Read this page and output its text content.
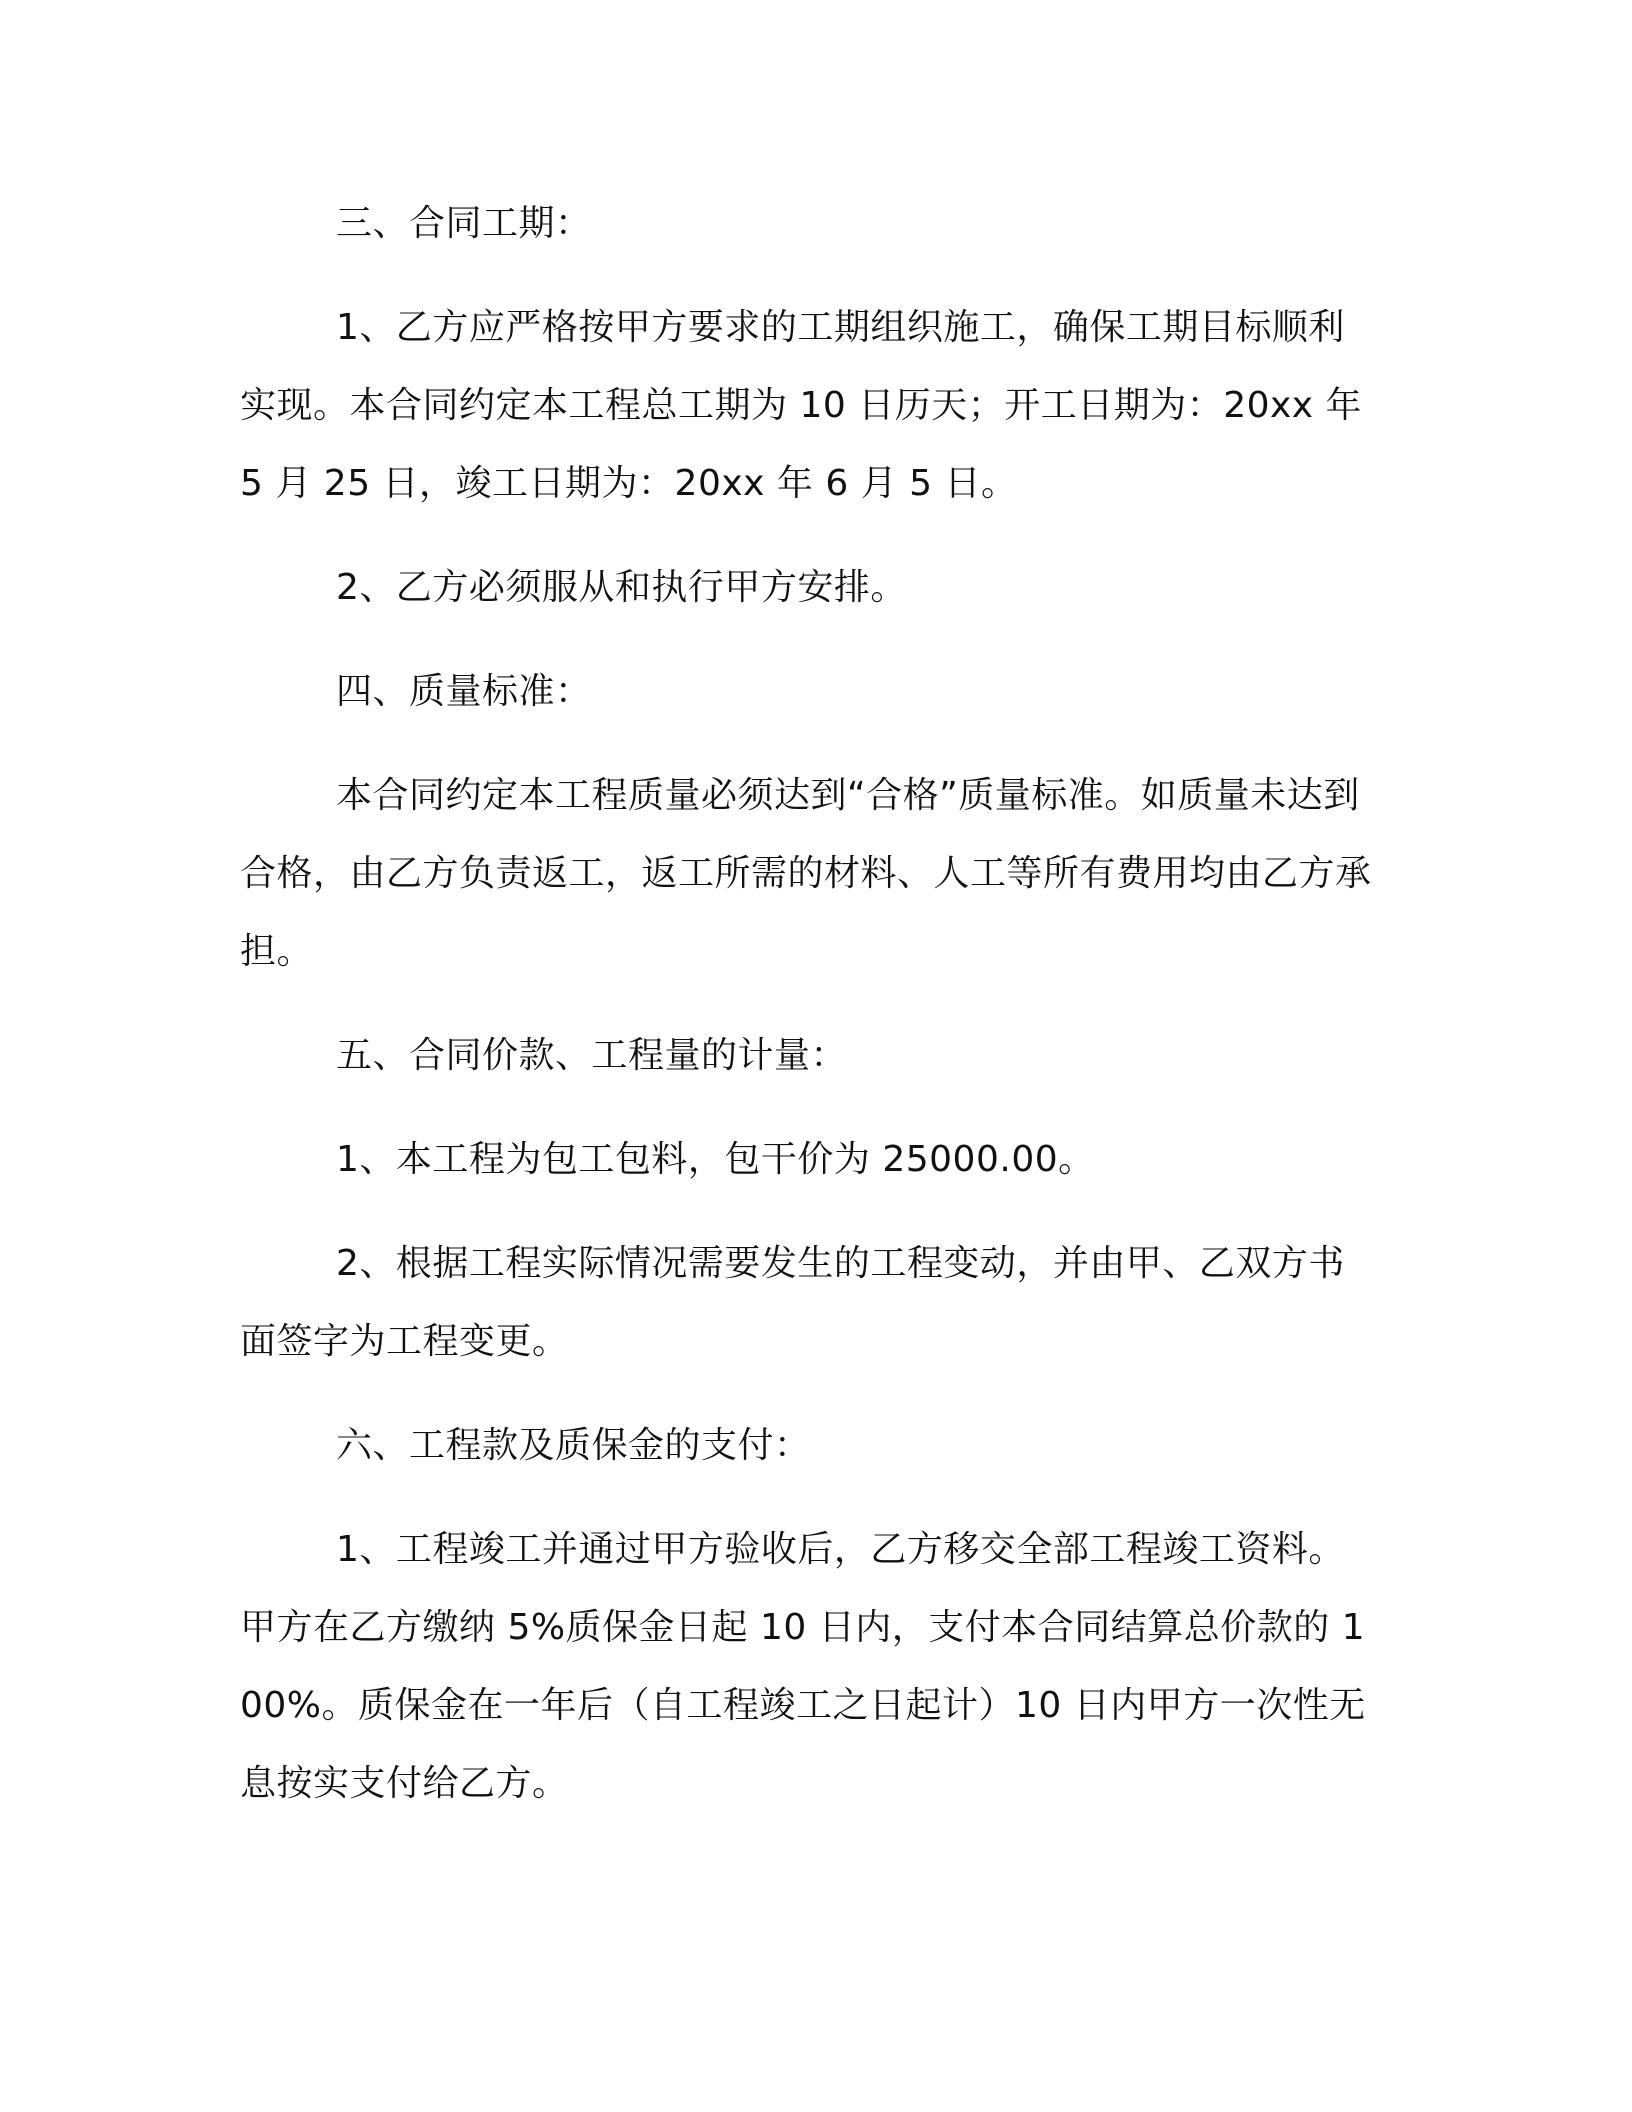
三、合同工期：

1、乙方应严格按甲方要求的工期组织施工，确保工期目标顺利实现。本合同约定本工程总工期为 10 日历天；开工日期为：20xx 年 5 月 25 日，竣工日期为：20xx 年 6 月 5 日。

2、乙方必须服从和执行甲方安排。

四、质量标准：

本合同约定本工程质量必须达到“合格”质量标准。如质量未达到合格，由乙方负责返工，返工所需的材料、人工等所有费用均由乙方承担。

五、合同价款、工程量的计量：

1、本工程为包工包料，包干价为 25000.00。

2、根据工程实际情况需要发生的工程变动，并由甲、乙双方书面签字为工程变更。

六、工程款及质保金的支付：

1、工程竣工并通过甲方验收后，乙方移交全部工程竣工资料。甲方在乙方缴纳 5%质保金日起 10 日内，支付本合同结算总价款的 100%。质保金在一年后（自工程竣工之日起计）10 日内甲方一次性无息按实支付给乙方。
